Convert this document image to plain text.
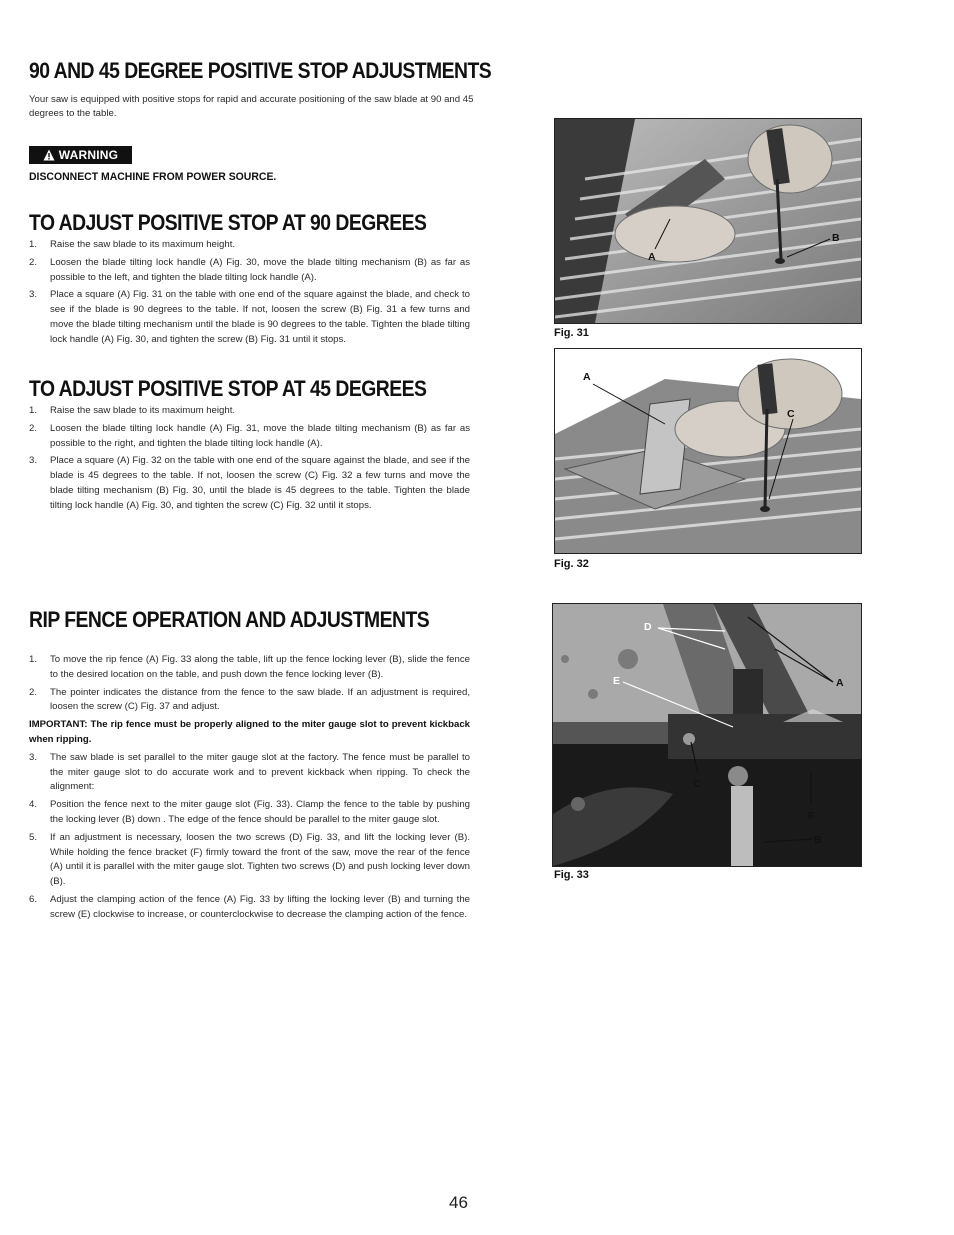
90 AND 45 DEGREE POSITIVE STOP ADJUSTMENTS
Your saw is equipped with positive stops for rapid and accurate positioning of the saw blade at 90 and 45 degrees to the table.
WARNING
DISCONNECT MACHINE FROM POWER SOURCE.
TO ADJUST POSITIVE STOP AT 90 DEGREES
1. Raise the saw blade to its maximum height.
2. Loosen the blade tilting lock handle (A) Fig. 30, move the blade tilting mechanism (B) as far as possible to the left, and tighten the blade tilting lock handle (A).
3. Place a square (A) Fig. 31 on the table with one end of the square against the blade, and check to see if the blade is 90 degrees to the table. If not, loosen the screw (B) Fig. 31 a few turns and move the blade tilting mechanism until the blade is 90 degrees to the table. Tighten the blade tilting lock handle (A) Fig. 30, and tighten the screw (B) Fig. 31 until it stops.
TO ADJUST POSITIVE STOP AT 45 DEGREES
1. Raise the saw blade to its maximum height.
2. Loosen the blade tilting lock handle (A) Fig. 31, move the blade tilting mechanism (B) as far as possible to the right, and tighten the blade tilting lock handle (A).
3. Place a square (A) Fig. 32 on the table with one end of the square against the blade, and see if the blade is 45 degrees to the table. If not, loosen the screw (C) Fig. 32 a few turns and move the blade tilting mechanism (B) Fig. 30, until the blade is 45 degrees to the table. Tighten the blade tilting lock handle (A) Fig. 30, and tighten the screw (C) Fig. 32 until it stops.
RIP FENCE OPERATION AND ADJUSTMENTS
1. To move the rip fence (A) Fig. 33 along the table, lift up the fence locking lever (B), slide the fence to the desired location on the table, and push down the fence locking lever (B).
2. The pointer indicates the distance from the fence to the saw blade. If an adjustment is required, loosen the screw (C) Fig. 37 and adjust.
IMPORTANT: The rip fence must be properly aligned to the miter gauge slot to prevent kickback when ripping.
3. The saw blade is set parallel to the miter gauge slot at the factory. The fence must be parallel to the miter gauge slot to do accurate work and to prevent kickback when ripping. To check the alignment:
4. Position the fence next to the miter gauge slot (Fig. 33). Clamp the fence to the table by pushing the locking lever (B) down . The edge of the fence should be parallel to the miter gauge slot.
5. If an adjustment is necessary, loosen the two screws (D) Fig. 33, and lift the locking lever (B). While holding the fence bracket (F) firmly toward the front of the saw, move the rear of the fence (A) until it is parallel with the miter gauge slot. Tighten two screws (D) and push locking lever down (B).
6. Adjust the clamping action of the fence (A) Fig. 33 by lifting the locking lever (B) and turning the screw (E) clockwise to increase, or counterclockwise to decrease the clamping action of the fence.
A
B
Fig. 31
A
C
Fig. 32
D
E	A
C
F
B
Fig. 33
46
